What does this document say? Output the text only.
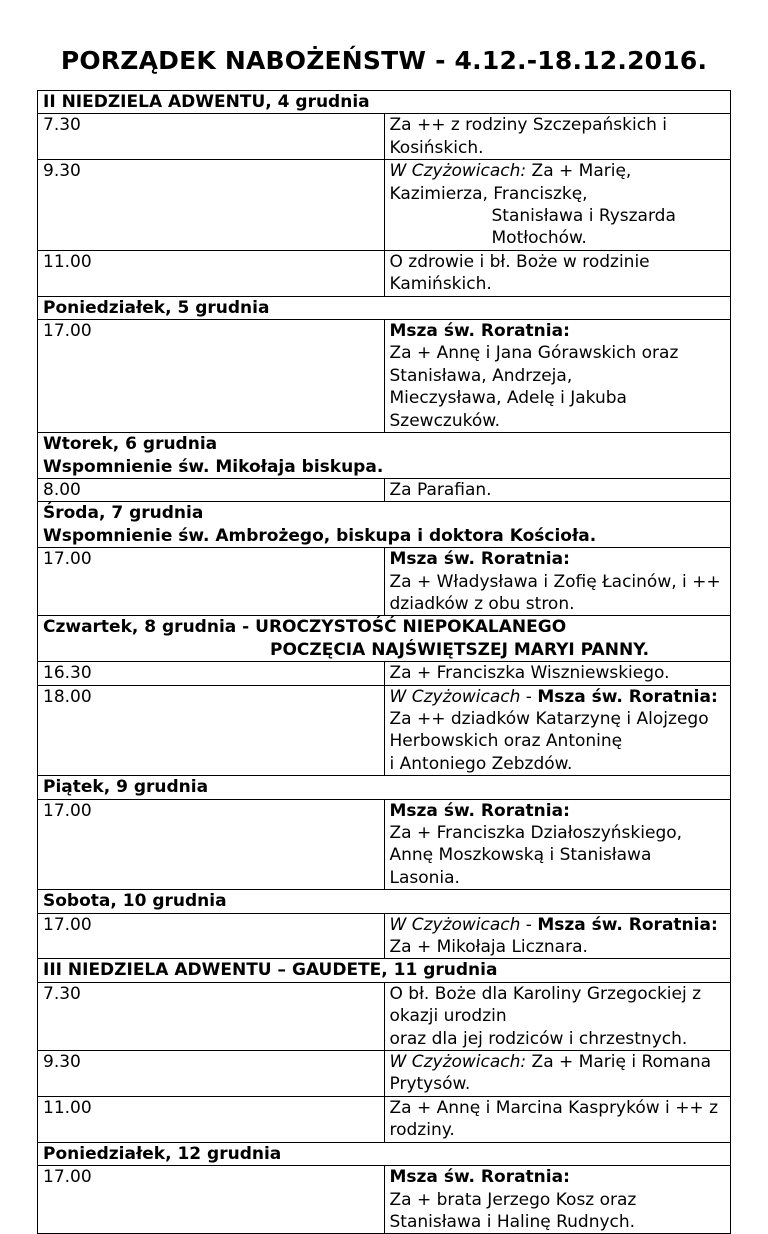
PORZĄDEK NABOŻEŃSTW - 4.12.-18.12.2016.
II NIEDZIELA ADWENTU, 4 grudnia	
7.30	Za ++ z rodziny Szczepańskich i Kosińskich.
9.30	W Czyżowicach: Za + Marię, Kazimierza, Franciszkę,
Stanisława i Ryszarda Motłochów.

11.00	O zdrowie i bł. Boże w rodzinie Kamińskich.
Poniedziałek, 5 grudnia	
17.00	Msza św. Roratnia:
Za + Annę i Jana Górawskich oraz Stanisława, Andrzeja,
Mieczysława, Adelę i Jakuba Szewczuków.
Wtorek, 6 grudnia
Wspomnienie św. Mikołaja biskupa.	
8.00	Za Parafian.
Środa, 7 grudnia
Wspomnienie św. Ambrożego, biskupa i doktora Kościoła.	
17.00	Msza św. Roratnia:
Za + Władysława i Zofię Łacinów, i ++ dziadków z obu stron.
Czwartek, 8 grudnia - UROCZYSTOŚĆ NIEPOKALANEGO
POCZĘCIA NAJŚWIĘTSZEJ MARYI PANNY.	

16.30	Za + Franciszka Wiszniewskiego.
18.00	W Czyżowicach - Msza św. Roratnia:
Za ++ dziadków Katarzynę i Alojzego Herbowskich oraz Antoninę
i Antoniego Zebzdów.
Piątek, 9 grudnia	
17.00	Msza św. Roratnia:
Za + Franciszka Działoszyńskiego, Annę Moszkowską i Stanisława
Lasonia.
Sobota, 10 grudnia	
17.00	W Czyżowicach - Msza św. Roratnia:
Za + Mikołaja Licznara.
III NIEDZIELA ADWENTU – GAUDETE, 11 grudnia	
7.30	O bł. Boże dla Karoliny Grzegockiej z okazji urodzin
oraz dla jej rodziców i chrzestnych.
9.30	W Czyżowicach: Za + Marię i Romana Prytysów.
11.00	Za + Annę i Marcina Kaspryków i ++ z rodziny.
Poniedziałek, 12 grudnia	
17.00	Msza św. Roratnia:
Za + brata Jerzego Kosz oraz Stanisława i Halinę Rudnych.
